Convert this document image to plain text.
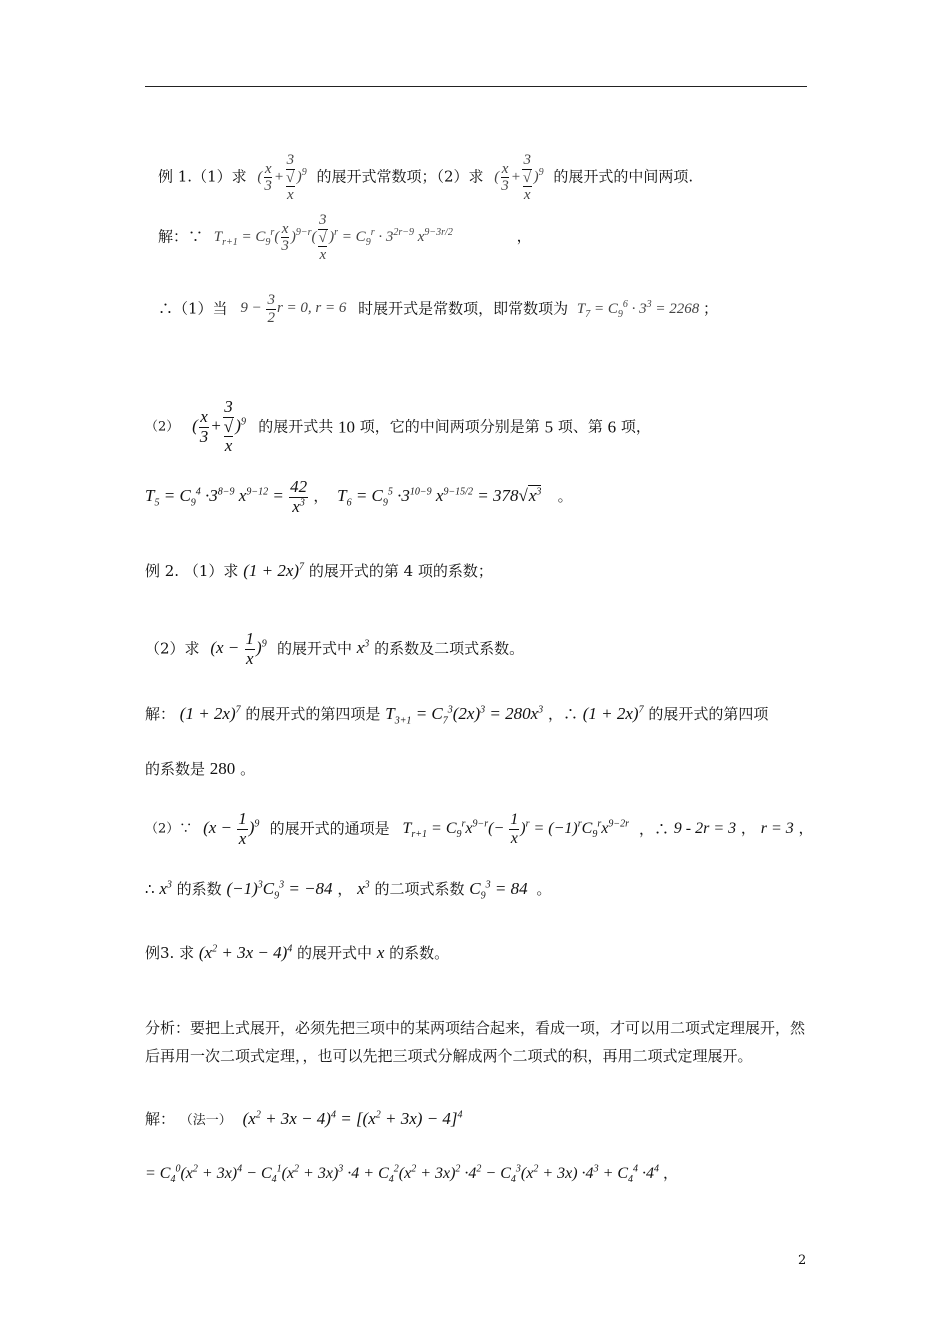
例 1.（1）求 ( $\frac{x}{3} + 3$
√
x )$^9$ 的展开式常数项；（2）求 ( $\frac{x}{3} + 3$
√
x )$^9$ 的展开式的中间两项.
解：∵ $T_{r+1} = C_9^r( \frac{x}{3} )^{9-r}$( 3
√
x )$^r = C_9^r \cdot 3^{2r-9}$ $x^{9-3r/2}$	，
∴（1）当 $9 - \frac{3}{2}$ r = 0, r = 6 时展开式是常数项，即常数项为 $T_7 = C_9^6 \cdot 3^3 = 2268$ ；
（2） ( $\frac{x}{3} + 3$
√
x )$^9$ 的展开式共 10 项，它的中间两项分别是第 5 项、第 6 项，
$T_5 = C_9^4 \cdot 3^{8-9}$ $x^{9-12} = \frac{42}{x^3}$ ， $T_6 = C_9^5 \cdot 3^{10-9}$ $x^{9-15/2} = 378√x^3$ 。
例 2. （1）求 $(1 + 2x)^7$ 的展开式的第 4 项的系数；
（2）求 $(x - \frac{1}{x} )^9$ 的展开式中 $x^3$ 的系数及二项式系数。
解： $(1 + 2x)^7$ 的展开式的第四项是 $T_{3+1} = C_7^3(2x)^3 = 280x^3$ ，∴ $(1 + 2x)^7$ 的展开式的第四项
的系数是 280 。
（2）∵ $(x - \frac{1}{x} )^9$ 的展开式的通项是 $T_{r+1} = C_9^rx^{9-r}(- \frac{1}{x} )^r = (-1)^rC_9^rx^{9-2r}$ ，∴ 9 - 2r = 3 ， r = 3 ，
∴ $x^3$ 的系数 $(-1)^3C_9^3 = -84$ ， $x^3$ 的二项式系数 $C_9^3 = 84$ 。
例3. 求 $(x^2 + 3x - 4)^4$ 的展开式中 x 的系数。
分析：要把上式展开，必须先把三项中的某两项结合起来，看成一项，才可以用二项式定理展开，然后再用一次二项式定理，，也可以先把三项式分解成两个二项式的积，再用二项式定理展开。
解： （法一） $(x^2 + 3x - 4)^4 = [(x^2 + 3x) - 4]^4$
= $C_4^0(x^2 + 3x)^4 - C_4^1(x^2 + 3x)^3 \cdot 4 + C_4^2(x^2 + 3x)^2 \cdot 4^2 - C_4^3(x^2 + 3x) \cdot 4^3 + C_4^4 \cdot 4^4$ ，
2
